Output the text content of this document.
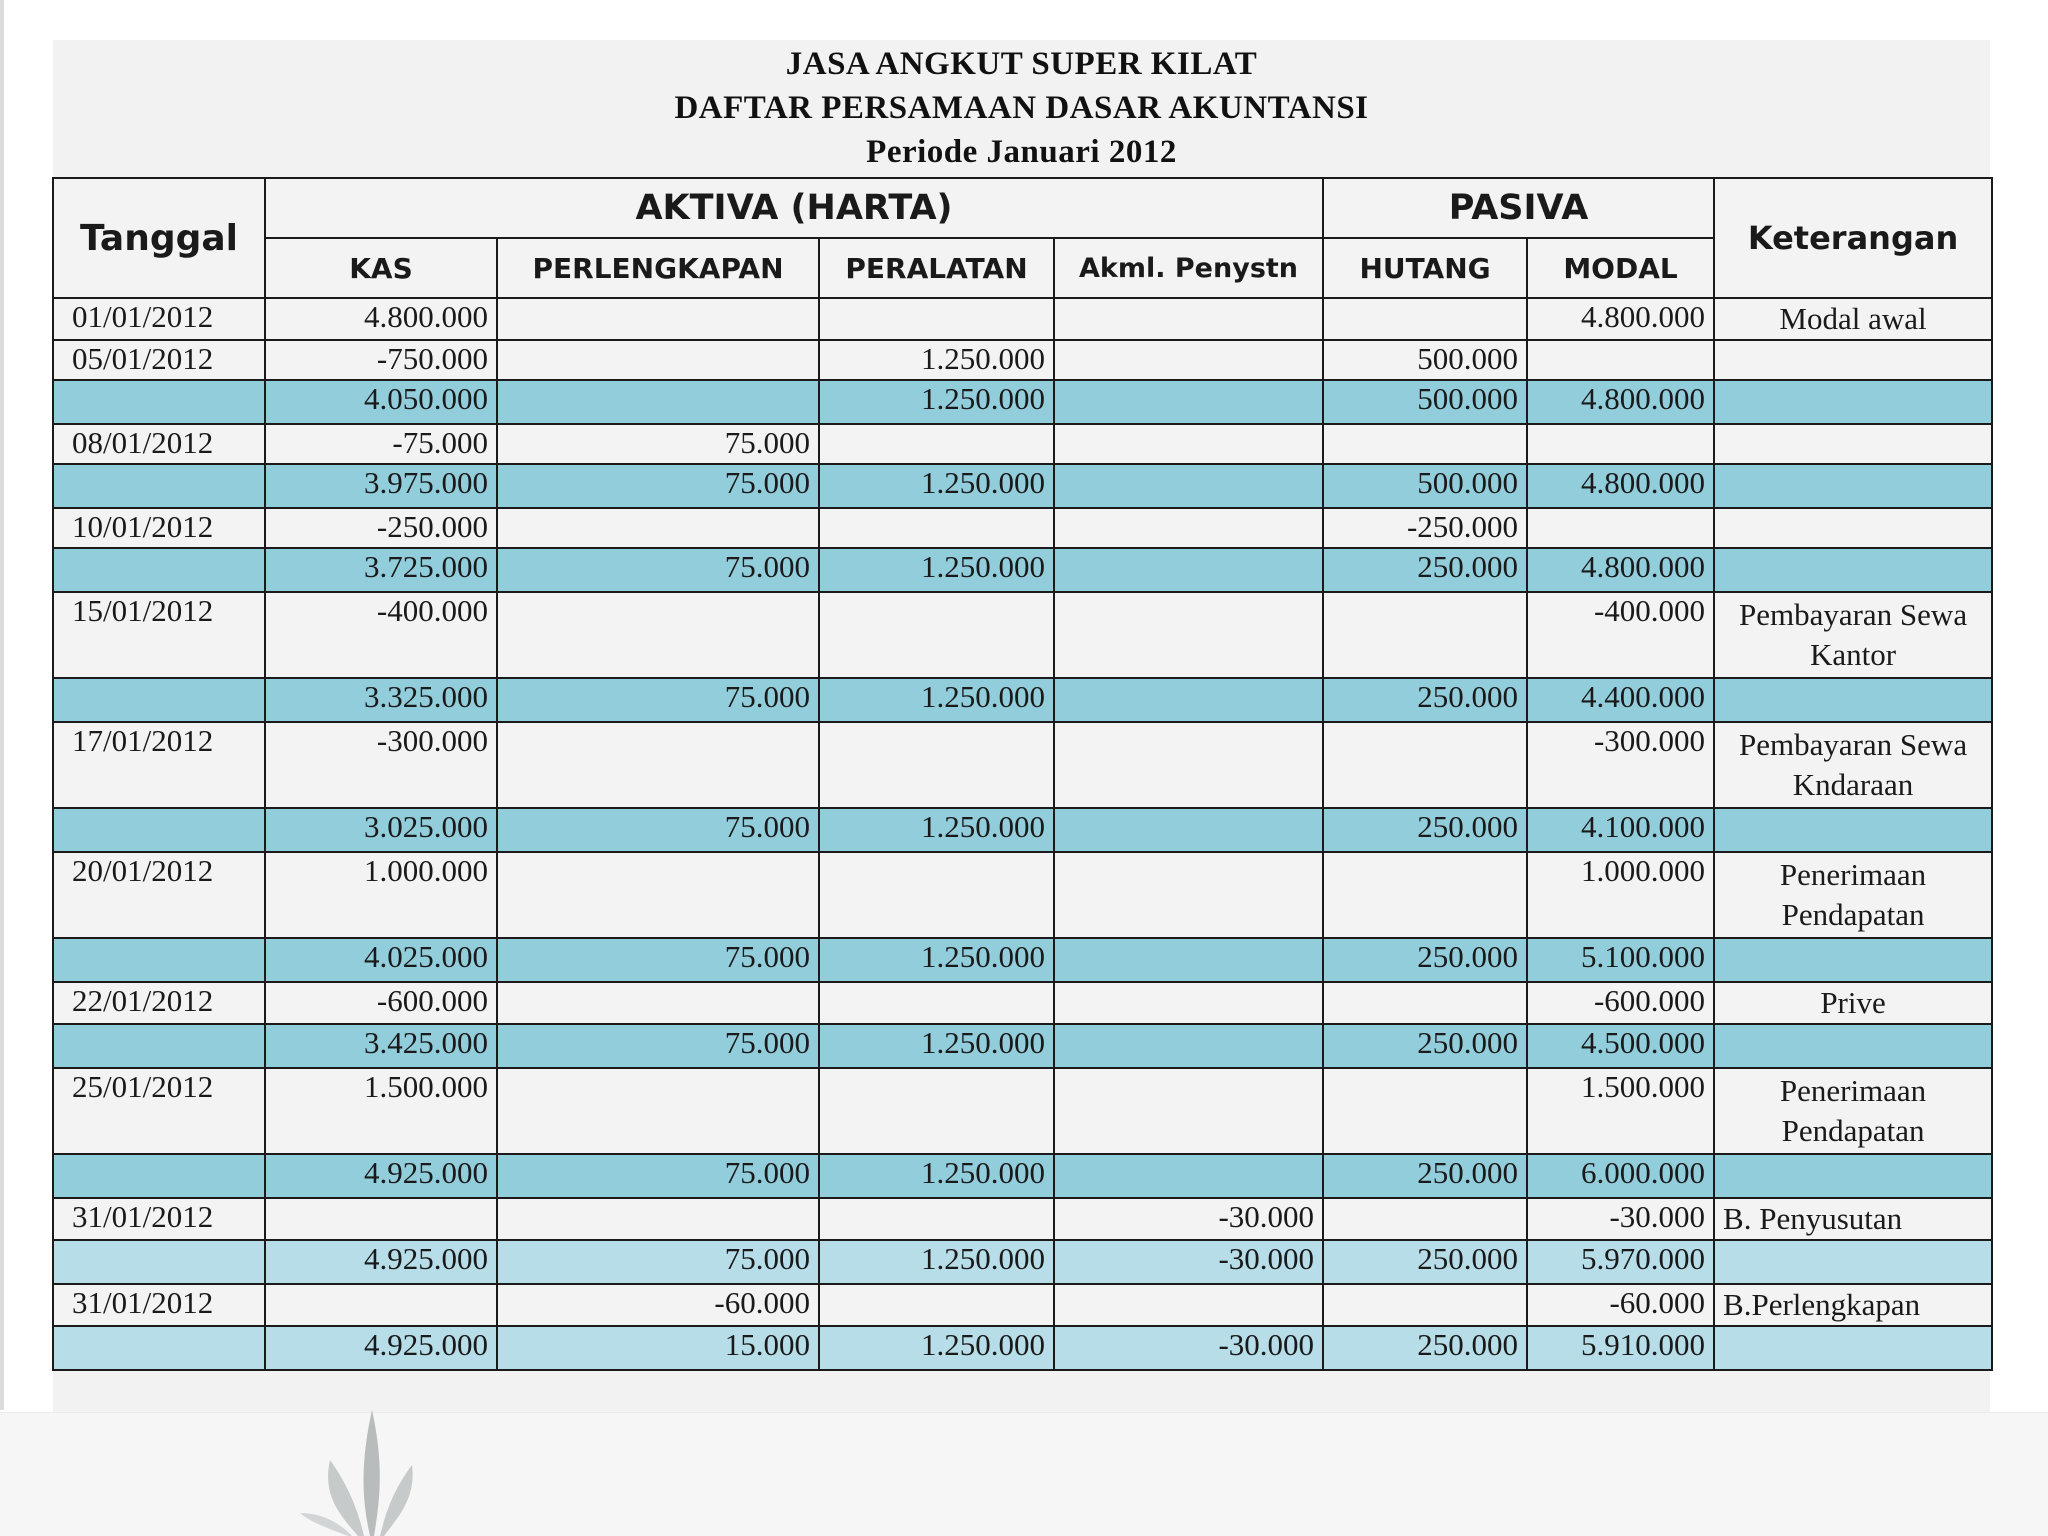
JASA ANGKUT SUPER KILAT
DAFTAR PERSAMAAN DASAR AKUNTANSI
Periode Januari 2012
Tanggal	AKTIVA (HARTA)				PASIVA		Keterangan
	KAS	PERLENGKAPAN	PERALATAN	Akml. Penystn	HUTANG	MODAL	
01/01/2012	4.800.000					4.800.000	Modal awal
05/01/2012	-750.000		1.250.000		500.000		
	4.050.000		1.250.000		500.000	4.800.000	
08/01/2012	-75.000	75.000					
	3.975.000	75.000	1.250.000		500.000	4.800.000	
10/01/2012	-250.000				-250.000		
	3.725.000	75.000	1.250.000		250.000	4.800.000	
15/01/2012	-400.000					-400.000	Pembayaran Sewa Kantor
	3.325.000	75.000	1.250.000		250.000	4.400.000	
17/01/2012	-300.000					-300.000	Pembayaran Sewa Kndaraan
	3.025.000	75.000	1.250.000		250.000	4.100.000	
20/01/2012	1.000.000					1.000.000	Penerimaan Pendapatan
	4.025.000	75.000	1.250.000		250.000	5.100.000	
22/01/2012	-600.000					-600.000	Prive
	3.425.000	75.000	1.250.000		250.000	4.500.000	
25/01/2012	1.500.000					1.500.000	Penerimaan Pendapatan
	4.925.000	75.000	1.250.000		250.000	6.000.000	
31/01/2012				-30.000		-30.000	B. Penyusutan
	4.925.000	75.000	1.250.000	-30.000	250.000	5.970.000	
31/01/2012		-60.000				-60.000	B.Perlengkapan
	4.925.000	15.000	1.250.000	-30.000	250.000	5.910.000	
